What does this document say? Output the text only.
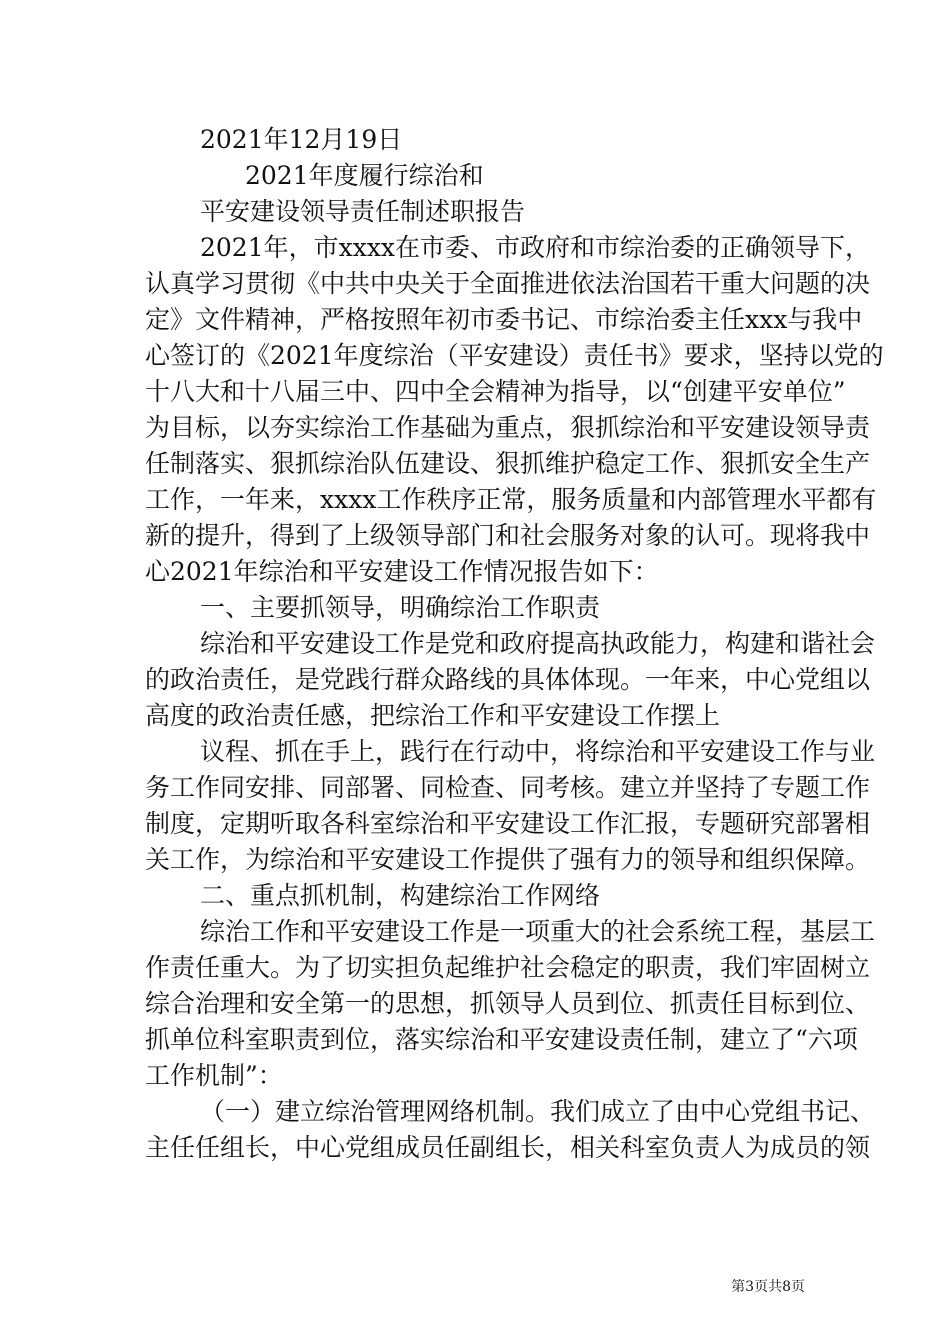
2021年12月19日
2021年度履行综治和
平安建设领导责任制述职报告
2021年，市xxxx在市委、市政府和市综治委的正确领导下，
认真学习贯彻《中共中央关于全面推进依法治国若干重大问题的决
定》文件精神，严格按照年初市委书记、市综治委主任xxx与我中
心签订的《2021年度综治（平安建设）责任书》要求，坚持以党的
十八大和十八届三中、四中全会精神为指导，以“创建平安单位”
为目标，以夯实综治工作基础为重点，狠抓综治和平安建设领导责
任制落实、狠抓综治队伍建设、狠抓维护稳定工作、狠抓安全生产
工作，一年来，xxxx工作秩序正常，服务质量和内部管理水平都有
新的提升，得到了上级领导部门和社会服务对象的认可。现将我中
心2021年综治和平安建设工作情况报告如下：
一、主要抓领导，明确综治工作职责
综治和平安建设工作是党和政府提高执政能力，构建和谐社会
的政治责任，是党践行群众路线的具体体现。一年来，中心党组以
高度的政治责任感，把综治工作和平安建设工作摆上
议程、抓在手上，践行在行动中，将综治和平安建设工作与业
务工作同安排、同部署、同检查、同考核。建立并坚持了专题工作
制度，定期听取各科室综治和平安建设工作汇报，专题研究部署相
关工作，为综治和平安建设工作提供了强有力的领导和组织保障。
二、重点抓机制，构建综治工作网络
综治工作和平安建设工作是一项重大的社会系统工程，基层工
作责任重大。为了切实担负起维护社会稳定的职责，我们牢固树立
综合治理和安全第一的思想，抓领导人员到位、抓责任目标到位、
抓单位科室职责到位，落实综治和平安建设责任制，建立了“六项
工作机制”：
（一）建立综治管理网络机制。我们成立了由中心党组书记、
主任任组长，中心党组成员任副组长，相关科室负责人为成员的领
第3页共8页
